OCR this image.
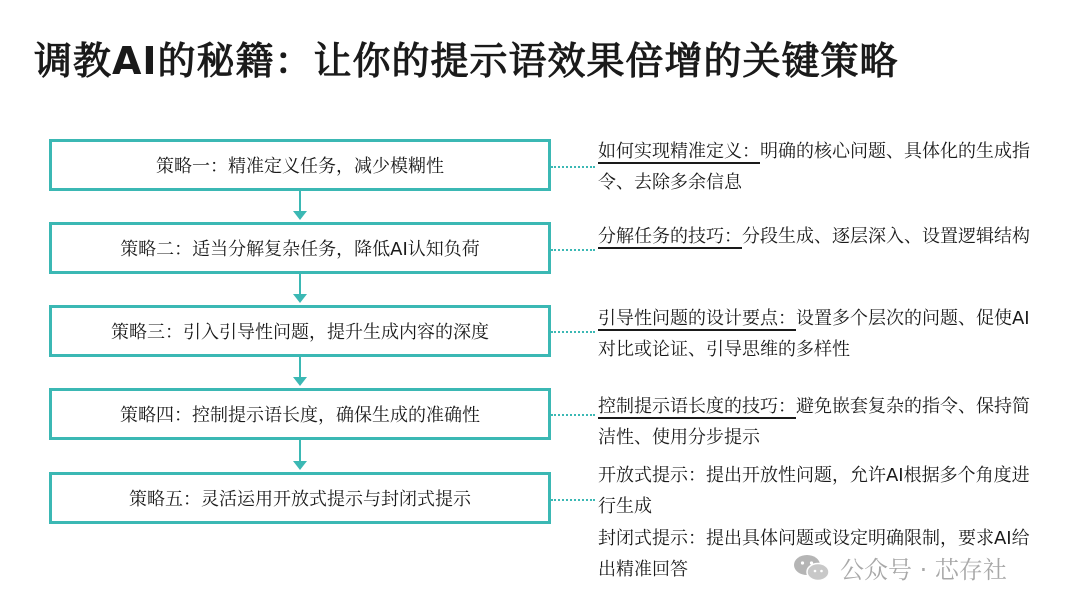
调教AI的秘籍：让你的提示语效果倍增的关键策略
策略一：精准定义任务，减少模糊性
策略二：适当分解复杂任务，降低AI认知负荷
策略三：引入引导性问题，提升生成内容的深度
策略四：控制提示语长度，确保生成的准确性
策略五：灵活运用开放式提示与封闭式提示
如何实现精准定义：明确的核心问题、具体化的生成指令、去除多余信息
分解任务的技巧：分段生成、逐层深入、设置逻辑结构
引导性问题的设计要点：设置多个层次的问题、促使AI对比或论证、引导思维的多样性
控制提示语长度的技巧：避免嵌套复杂的指令、保持简洁性、使用分步提示
开放式提示：提出开放性问题，允许AI根据多个角度进行生成
封闭式提示：提出具体问题或设定明确限制，要求AI给出精准回答	公众号 · 芯存社
